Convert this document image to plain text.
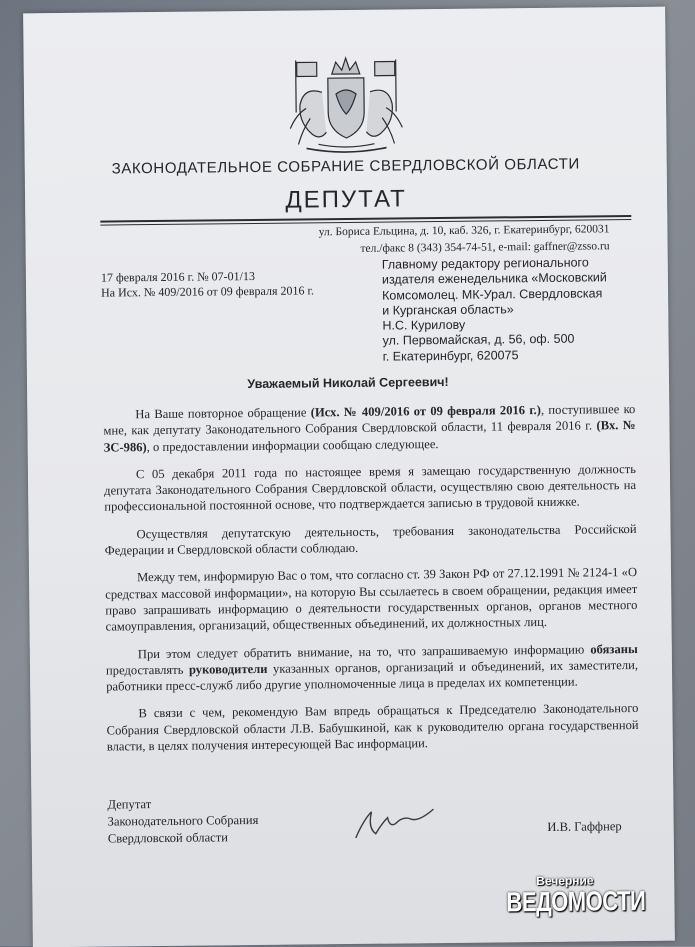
ЗАКОНОДАТЕЛЬНОЕ СОБРАНИЕ СВЕРДЛОВСКОЙ ОБЛАСТИ
ДЕПУТАТ
ул. Бориса Ельцина, д. 10, каб. 326, г. Екатеринбург, 620031
тел./факс 8 (343) 354-74-51, e-mail: gaffner@zsso.ru
17 февраля 2016 г. № 07-01/13
На Исх. № 409/2016 от 09 февраля 2016 г.
Главному редактору регионального
издателя еженедельника «Московский
Комсомолец. МК-Урал. Свердловская
и Курганская область»
Н.С. Курилову
ул. Первомайская, д. 56, оф. 500
г. Екатеринбург, 620075
Уважаемый Николай Сергеевич!

На Ваше повторное обращение (Исх. № 409/2016 от 09 февраля 2016 г.), поступившее ко мне, как депутату Законодательного Собрания Свердловской области, 11 февраля 2016 г. (Вх. № ЗС-986), о предоставлении информации сообщаю следующее.

С 05 декабря 2011 года по настоящее время я замещаю государственную должность депутата Законодательного Собрания Свердловской области, осуществляю свою деятельность на профессиональной постоянной основе, что подтверждается записью в трудовой книжке.

Осуществляя депутатскую деятельность, требования законодательства Российской Федерации и Свердловской области соблюдаю.

Между тем, информирую Вас о том, что согласно ст. 39 Закон РФ от 27.12.1991 № 2124-1 «О средствах массовой информации», на которую Вы ссылаетесь в своем обращении, редакция имеет право запрашивать информацию о деятельности государственных органов, органов местного самоуправления, организаций, общественных объединений, их должностных лиц.

При этом следует обратить внимание, на то, что запрашиваемую информацию обязаны предоставлять руководители указанных органов, организаций и объединений, их заместители, работники пресс-служб либо другие уполномоченные лица в пределах их компетенции.

В связи с чем, рекомендую Вам впредь обращаться к Председателю Законодательного Собрания Свердловской области Л.В. Бабушкиной, как к руководителю органа государственной власти, в целях получения интересующей Вас информации.

Депутат
Законодательного Собрания
Свердловской области
И.В. Гаффнер
Вечерние
ВЕДОМОСТИ
